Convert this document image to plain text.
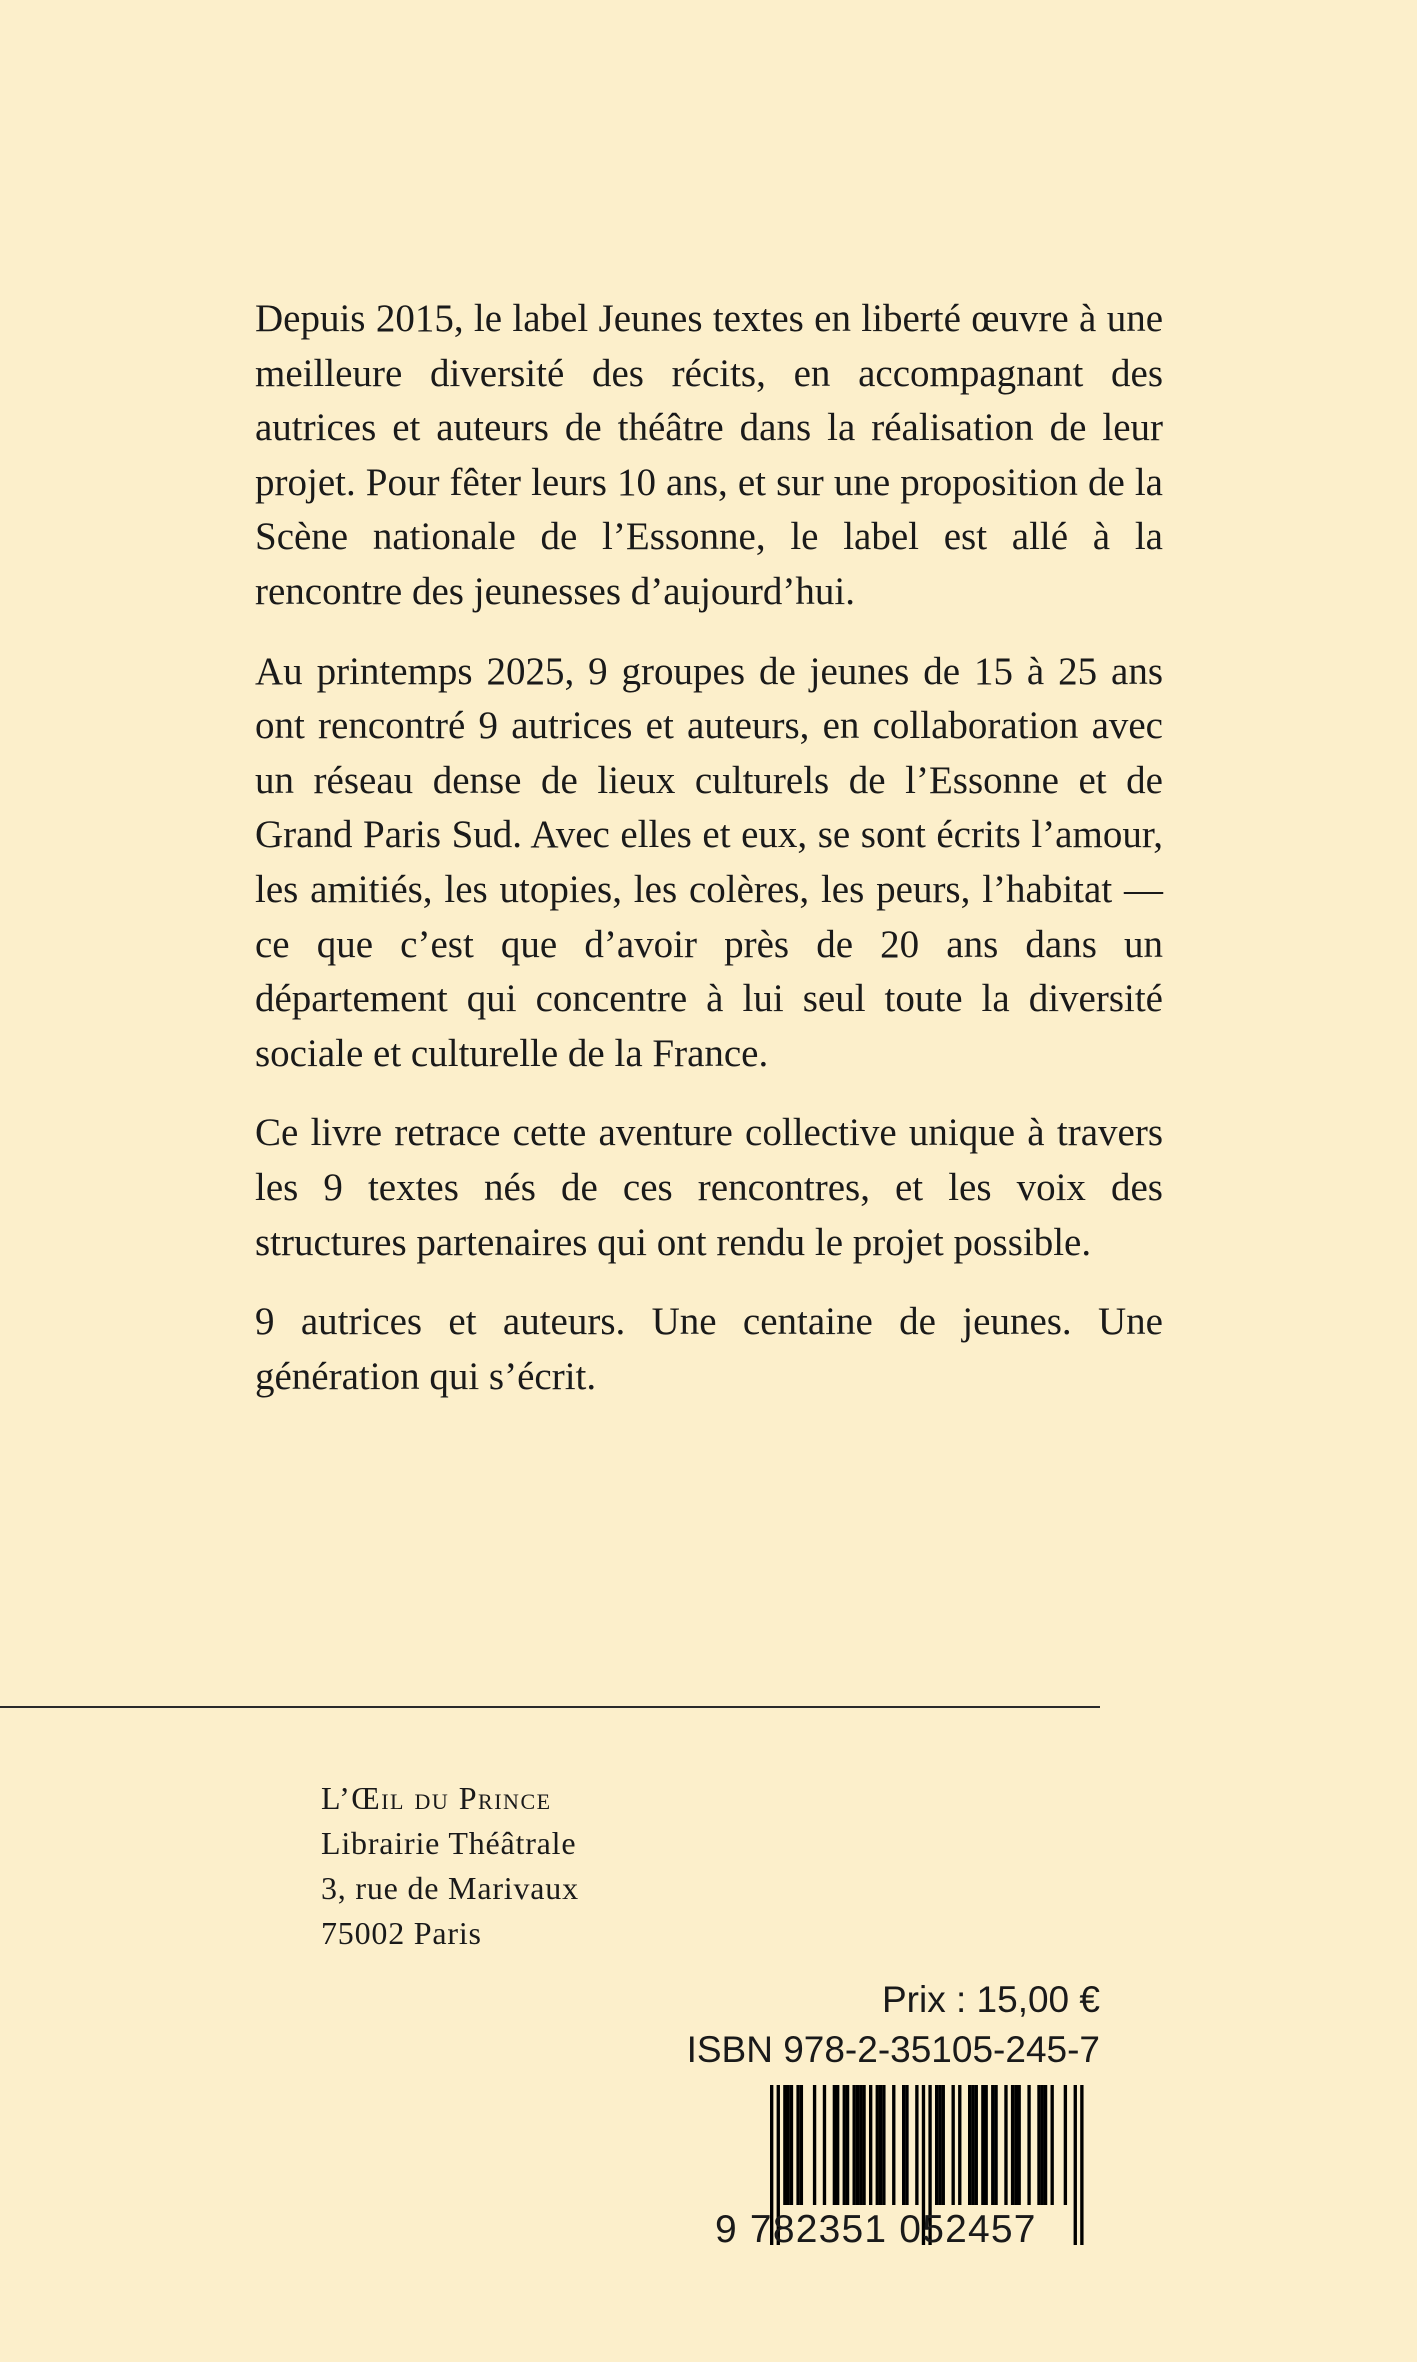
Depuis 2015, le label Jeunes textes en liberté œuvre à une meilleure diversité des récits, en accompagnant des autrices et auteurs de théâtre dans la réalisation de leur projet. Pour fêter leurs 10 ans, et sur une proposition de la Scène nationale de l’Essonne, le label est allé à la rencontre des jeunesses d’aujourd’hui.

Au printemps 2025, 9 groupes de jeunes de 15 à 25 ans ont rencontré 9 autrices et auteurs, en collaboration avec un réseau dense de lieux culturels de l’Essonne et de Grand Paris Sud. Avec elles et eux, se sont écrits l’amour, les amitiés, les utopies, les colères, les peurs, l’habitat — ce que c’est que d’avoir près de 20 ans dans un département qui concentre à lui seul toute la diversité sociale et culturelle de la France.

Ce livre retrace cette aventure collective unique à travers les 9 textes nés de ces rencontres, et les voix des structures partenaires qui ont rendu le projet possible.

9 autrices et auteurs. Une centaine de jeunes. Une génération qui s’écrit.

L’Œil du Prince
Librairie Théâtrale
3, rue de Marivaux
75002 Paris
Prix : 15,00 €
ISBN 978-2-35105-245-7
9 782351 052457
